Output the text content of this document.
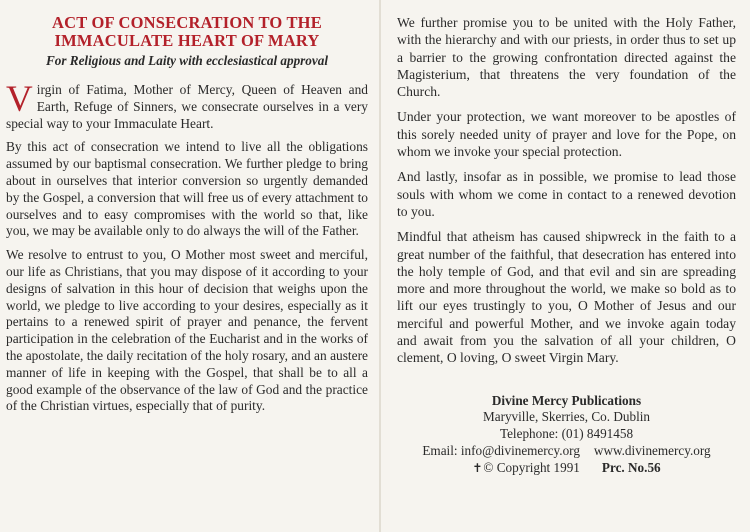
ACT OF CONSECRATION TO THE
IMMACULATE HEART OF MARY
For Religious and Laity with ecclesiastical approval

Virgin of Fatima, Mother of Mercy, Queen of Heaven and Earth, Refuge of Sinners, we consecrate ourselves in a very special way to your Immaculate Heart.

By this act of consecration we intend to live all the obligations assumed by our baptismal consecration. We further pledge to bring about in ourselves that interior conversion so urgently demanded by the Gospel, a conversion that will free us of every attachment to ourselves and to easy compromises with the world so that, like you, we may be available only to do always the will of the Father.

We resolve to entrust to you, O Mother most sweet and merciful, our life as Christians, that you may dispose of it according to your designs of salvation in this hour of decision that weighs upon the world, we pledge to live according to your desires, especially as it pertains to a renewed spirit of prayer and penance, the fervent participation in the celebration of the Eucharist and in the works of the apostolate, the daily recitation of the holy rosary, and an austere manner of life in keeping with the Gospel, that shall be to all a good example of the observance of the law of God and the practice of the Christian virtues, especially that of purity.

We further promise you to be united with the Holy Father, with the hierarchy and with our priests, in order thus to set up a barrier to the growing confrontation directed against the Magisterium, that threatens the very foundation of the Church.

Under your protection, we want moreover to be apostles of this sorely needed unity of prayer and love for the Pope, on whom we invoke your special protection.

And lastly, insofar as in possible, we promise to lead those souls with whom we come in contact to a renewed devotion to you.

Mindful that atheism has caused shipwreck in the faith to a great number of the faithful, that desecration has entered into the holy temple of God, and that evil and sin are spreading more and more throughout the world, we make so bold as to lift our eyes trustingly to you, O Mother of Jesus and our merciful and powerful Mother, and we invoke again today and await from you the salvation of all your children, O clement, O loving, O sweet Virgin Mary.

Divine Mercy Publications
Maryville, Skerries, Co. Dublin
Telephone: (01) 8491458
Email: info@divinemercy.org www.divinemercy.org
✝© Copyright 1991 Prc. No.56
